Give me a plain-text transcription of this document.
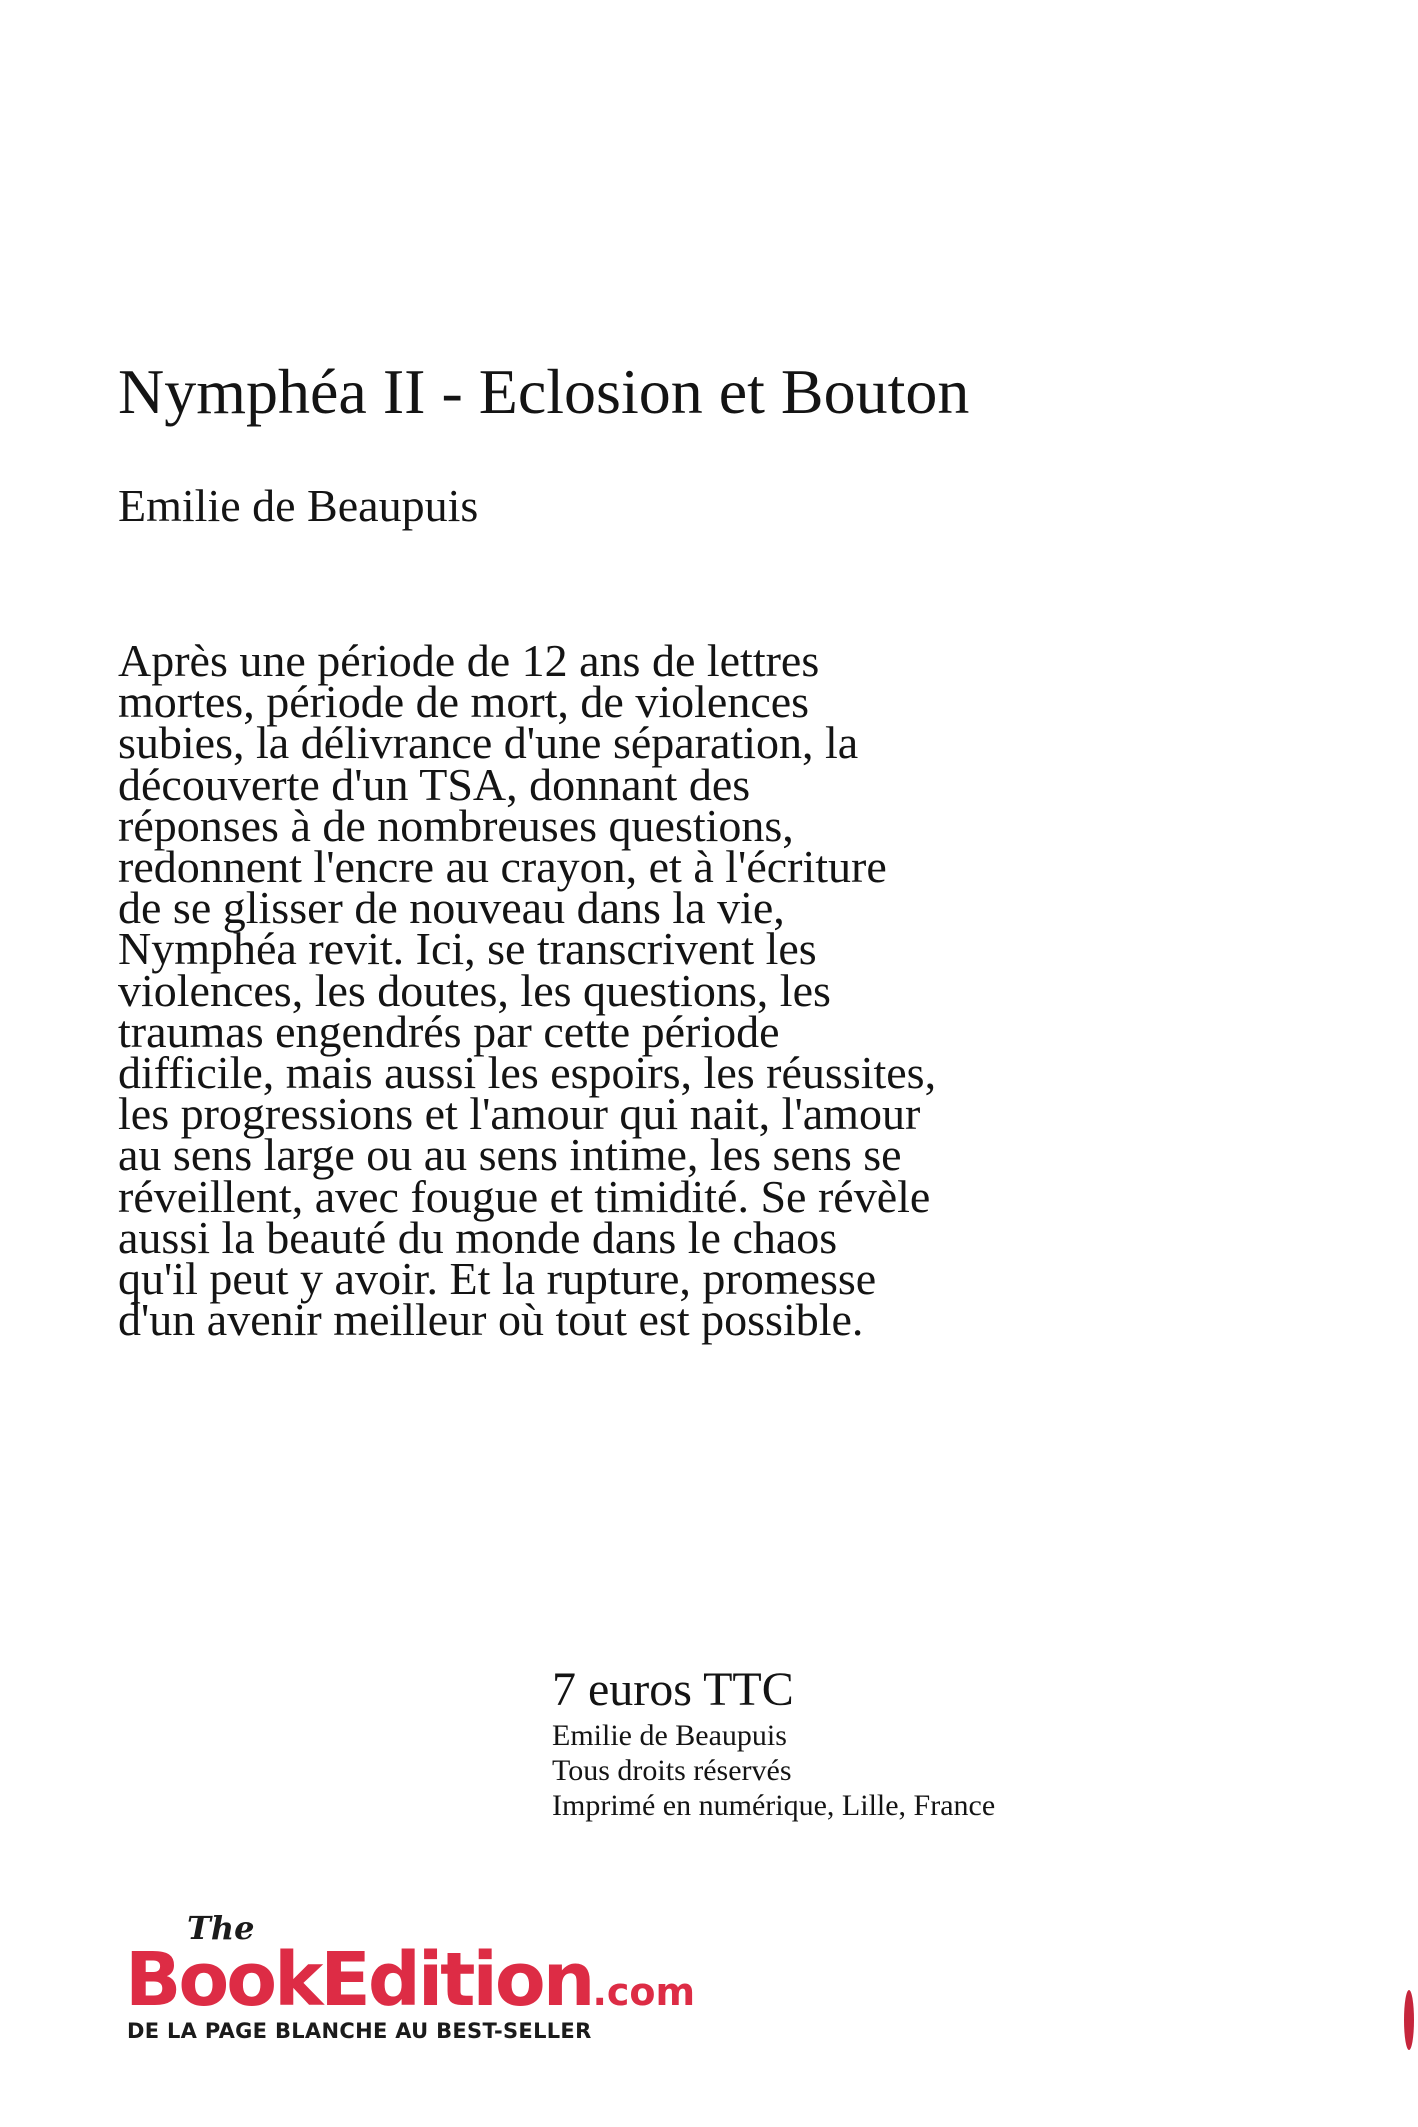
Nymphéa II - Eclosion et Bouton
Emilie de Beaupuis
Après une période de 12 ans de lettres
mortes, période de mort, de violences
subies, la délivrance d'une séparation, la
découverte d'un TSA, donnant des
réponses à de nombreuses questions,
redonnent l'encre au crayon, et à l'écriture
de se glisser de nouveau dans la vie,
Nymphéa revit. Ici, se transcrivent les
violences, les doutes, les questions, les
traumas engendrés par cette période
difficile, mais aussi les espoirs, les réussites,
les progressions et l'amour qui nait, l'amour
au sens large ou au sens intime, les sens se
réveillent, avec fougue et timidité. Se révèle
aussi la beauté du monde dans le chaos
qu'il peut y avoir. Et la rupture, promesse
d'un avenir meilleur où tout est possible.
7 euros TTC
Emilie de Beaupuis
Tous droits réservés
Imprimé en numérique, Lille, France
The
BookEdition.com
DE LA PAGE BLANCHE AU BEST-SELLER
